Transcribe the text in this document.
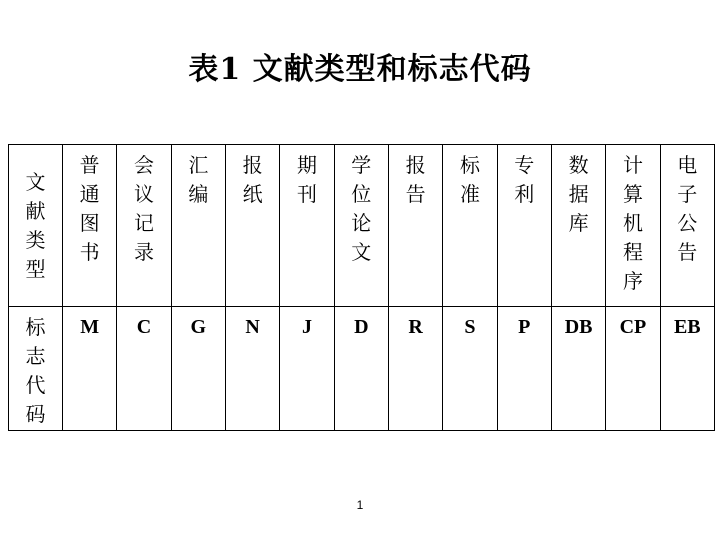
表1 文献类型和标志代码
文献类型	普通图书	会议记录	汇编	报纸	期刊	学位论文	报告	标准	专利	数据库	计算机程序	电子公告
标志代码	M	C	G	N	J	D	R	S	P	DB	CP	EB
1
